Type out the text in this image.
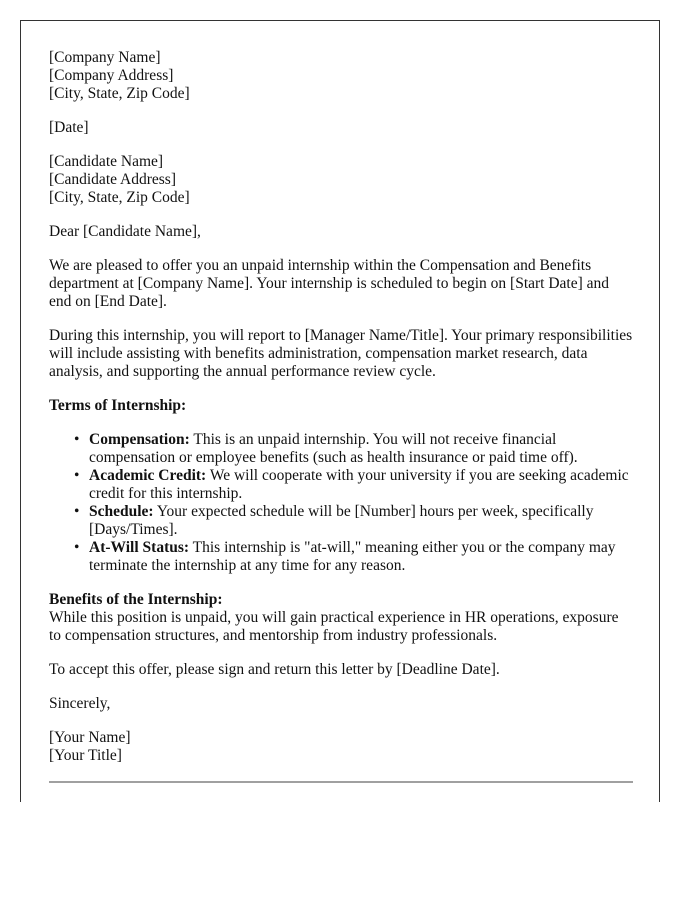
[Company Name]
[Company Address]
[City, State, Zip Code]

[Date]

[Candidate Name]
[Candidate Address]
[City, State, Zip Code]

Dear [Candidate Name],

We are pleased to offer you an unpaid internship within the Compensation and Benefits department at [Company Name]. Your internship is scheduled to begin on [Start Date] and end on [End Date].

During this internship, you will report to [Manager Name/Title]. Your primary responsibilities will include assisting with benefits administration, compensation market research, data analysis, and supporting the annual performance review cycle.

Terms of Internship:

• Compensation: This is an unpaid internship. You will not receive financial compensation or employee benefits (such as health insurance or paid time off).
• Academic Credit: We will cooperate with your university if you are seeking academic credit for this internship.
• Schedule: Your expected schedule will be [Number] hours per week, specifically [Days/Times].
• At-Will Status: This internship is "at-will," meaning either you or the company may terminate the internship at any time for any reason.

Benefits of the Internship:
While this position is unpaid, you will gain practical experience in HR operations, exposure to compensation structures, and mentorship from industry professionals.

To accept this offer, please sign and return this letter by [Deadline Date].

Sincerely,

[Your Name]
[Your Title]
